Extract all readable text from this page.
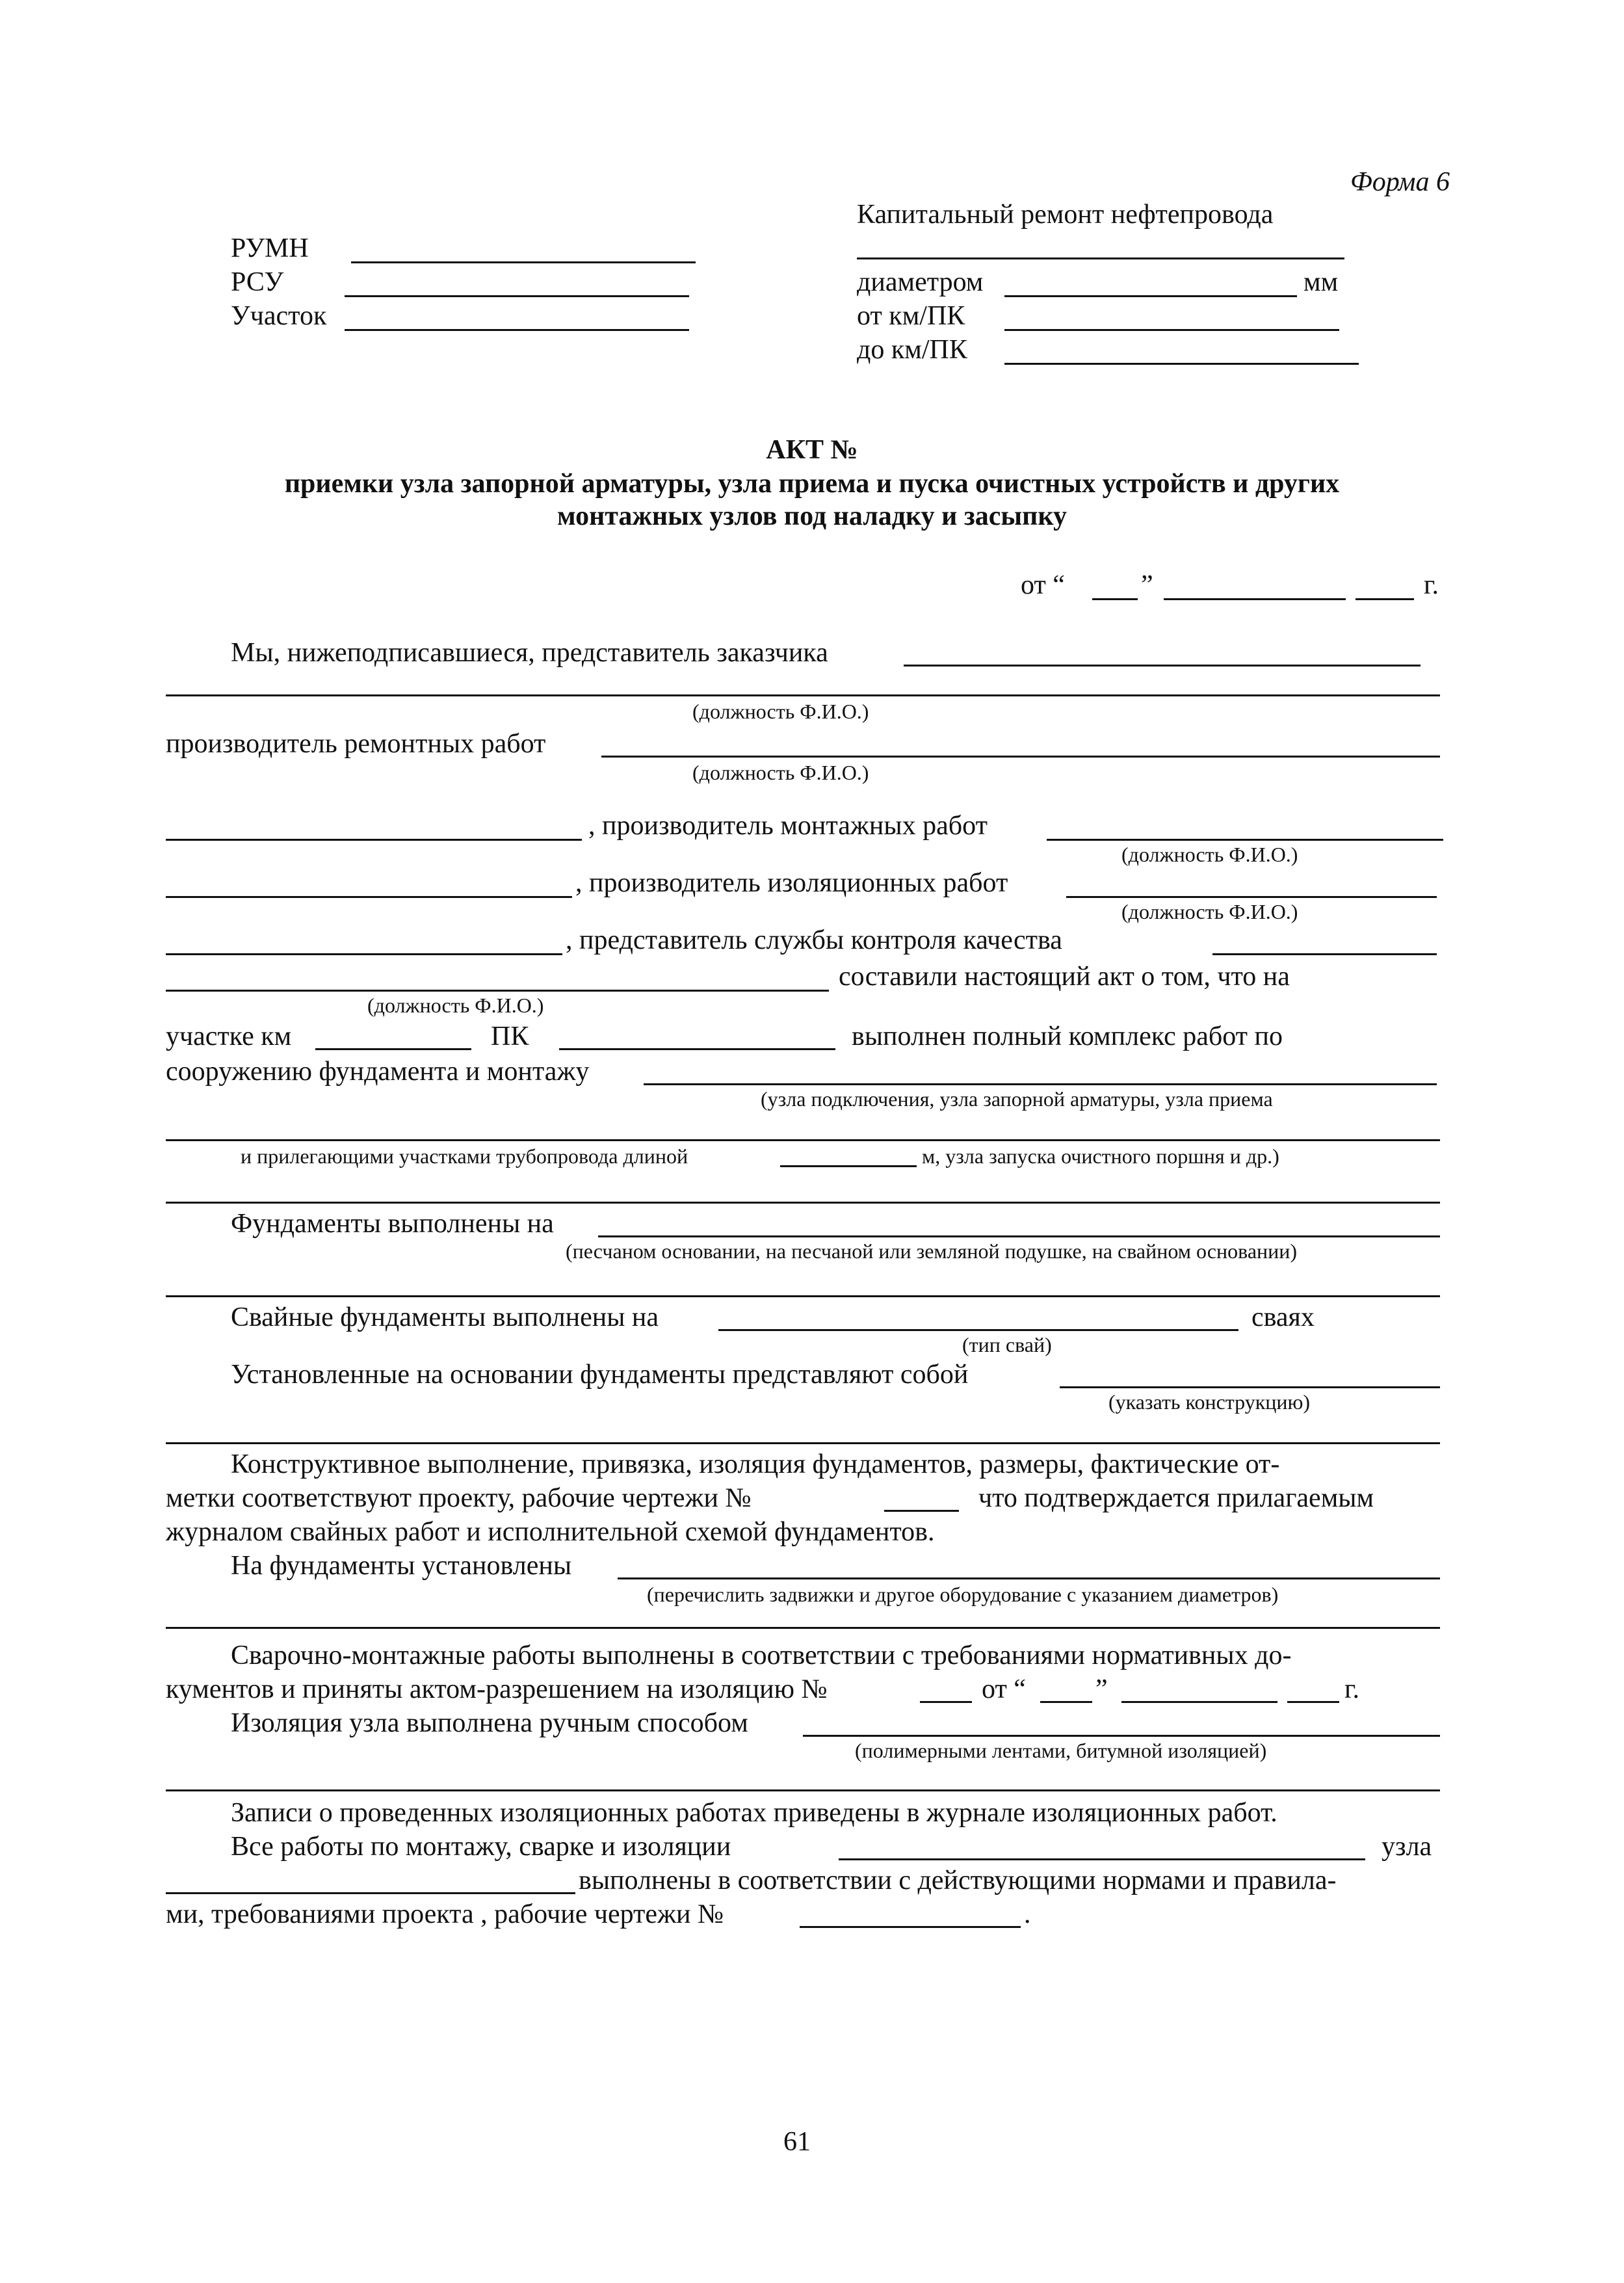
Форма 6
РУМН
РСУ
Участок
Капитальный ремонт нефтепровода
диаметром	мм
от км/ПК
до км/ПК
АКТ №
приемки узла запорной арматуры, узла приема и пуска очистных устройств и других
монтажных узлов под наладку и засыпку
от “	”	г.
Мы, нижеподписавшиеся, представитель заказчика
(должность Ф.И.О.)
производитель ремонтных работ
(должность Ф.И.О.)
, производитель монтажных работ
(должность Ф.И.О.)
, производитель изоляционных работ
(должность Ф.И.О.)
, представитель службы контроля качества
составили настоящий акт о том, что на
(должность Ф.И.О.)
участке км	ПК	выполнен полный комплекс работ по
сооружению фундамента и монтажу
(узла подключения, узла запорной арматуры, узла приема
и прилегающими участками трубопровода длиной	м, узла запуска очистного поршня и др.)
Фундаменты выполнены на
(песчаном основании, на песчаной или земляной подушке, на свайном основании)
Свайные фундаменты выполнены на	сваях
(тип свай)
Установленные на основании фундаменты представляют собой
(указать конструкцию)
Конструктивное выполнение, привязка, изоляция фундаментов, размеры, фактические от-
метки соответствуют проекту, рабочие чертежи №	что подтверждается прилагаемым
журналом свайных работ и исполнительной схемой фундаментов.
На фундаменты установлены
(перечислить задвижки и другое оборудование с указанием диаметров)
Сварочно-монтажные работы выполнены в соответствии с требованиями нормативных до-
кументов и приняты актом-разрешением на изоляцию №	от “	”	г.
Изоляция узла выполнена ручным способом
(полимерными лентами, битумной изоляцией)
Записи о проведенных изоляционных работах приведены в журнале изоляционных работ.
Все работы по монтажу, сварке и изоляции	узла
выполнены в соответствии с действующими нормами и правила-
ми, требованиями проекта , рабочие чертежи №	.
61
